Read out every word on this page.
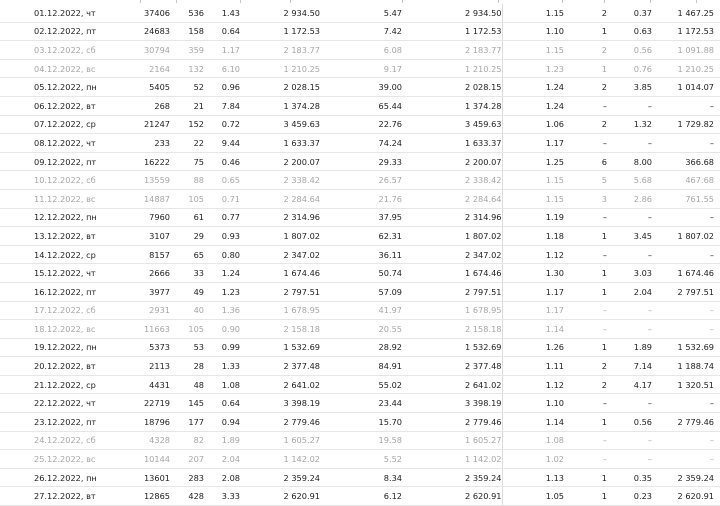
01.12.2022, чт	37406	536	1.43	2 934.50	5.47	2 934.50	1.15	2	0.37	1 467.25	
02.12.2022, пт	24683	158	0.64	1 172.53	7.42	1 172.53	1.10	1	0.63	1 172.53	
03.12.2022, сб	30794	359	1.17	2 183.77	6.08	2 183.77	1.15	2	0.56	1 091.88	
04.12.2022, вс	2164	132	6.10	1 210.25	9.17	1 210.25	1.23	1	0.76	1 210.25	
05.12.2022, пн	5405	52	0.96	2 028.15	39.00	2 028.15	1.24	2	3.85	1 014.07	
06.12.2022, вт	268	21	7.84	1 374.28	65.44	1 374.28	1.24	–	–	–	
07.12.2022, ср	21247	152	0.72	3 459.63	22.76	3 459.63	1.06	2	1.32	1 729.82	
08.12.2022, чт	233	22	9.44	1 633.37	74.24	1 633.37	1.17	–	–	–	
09.12.2022, пт	16222	75	0.46	2 200.07	29.33	2 200.07	1.25	6	8.00	366.68	
10.12.2022, сб	13559	88	0.65	2 338.42	26.57	2 338.42	1.15	5	5.68	467.68	
11.12.2022, вс	14887	105	0.71	2 284.64	21.76	2 284.64	1.15	3	2.86	761.55	
12.12.2022, пн	7960	61	0.77	2 314.96	37.95	2 314.96	1.19	–	–	–	
13.12.2022, вт	3107	29	0.93	1 807.02	62.31	1 807.02	1.18	1	3.45	1 807.02	
14.12.2022, ср	8157	65	0.80	2 347.02	36.11	2 347.02	1.12	–	–	–	
15.12.2022, чт	2666	33	1.24	1 674.46	50.74	1 674.46	1.30	1	3.03	1 674.46	
16.12.2022, пт	3977	49	1.23	2 797.51	57.09	2 797.51	1.17	1	2.04	2 797.51	
17.12.2022, сб	2931	40	1.36	1 678.95	41.97	1 678.95	1.17	–	–	–	
18.12.2022, вс	11663	105	0.90	2 158.18	20.55	2 158.18	1.14	–	–	–	
19.12.2022, пн	5373	53	0.99	1 532.69	28.92	1 532.69	1.26	1	1.89	1 532.69	
20.12.2022, вт	2113	28	1.33	2 377.48	84.91	2 377.48	1.11	2	7.14	1 188.74	
21.12.2022, ср	4431	48	1.08	2 641.02	55.02	2 641.02	1.12	2	4.17	1 320.51	
22.12.2022, чт	22719	145	0.64	3 398.19	23.44	3 398.19	1.10	–	–	–	
23.12.2022, пт	18796	177	0.94	2 779.46	15.70	2 779.46	1.14	1	0.56	2 779.46	
24.12.2022, сб	4328	82	1.89	1 605.27	19.58	1 605.27	1.08	–	–	–	
25.12.2022, вс	10144	207	2.04	1 142.02	5.52	1 142.02	1.02	–	–	–	
26.12.2022, пн	13601	283	2.08	2 359.24	8.34	2 359.24	1.13	1	0.35	2 359.24	
27.12.2022, вт	12865	428	3.33	2 620.91	6.12	2 620.91	1.05	1	0.23	2 620.91	
